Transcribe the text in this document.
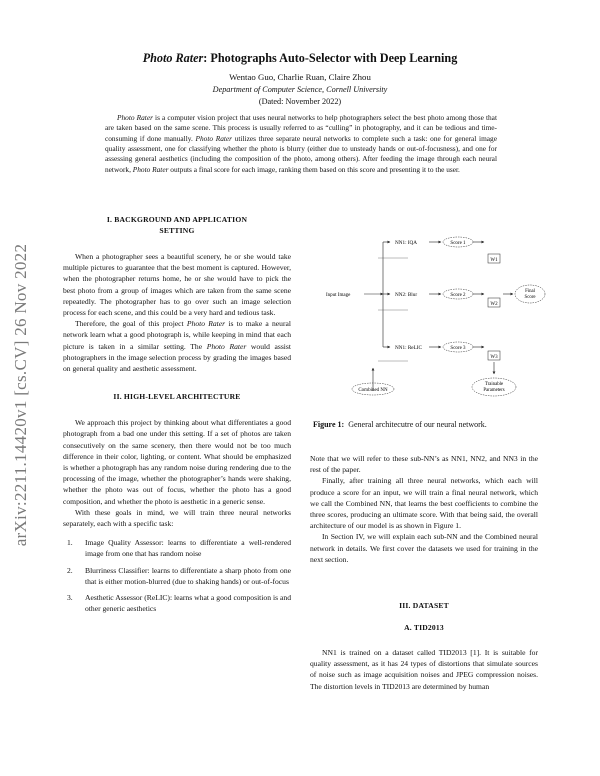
arXiv:2211.14420v1 [cs.CV] 26 Nov 2022
Photo Rater: Photographs Auto-Selector with Deep Learning
Wentao Guo, Charlie Ruan, Claire Zhou
Department of Computer Science, Cornell University
(Dated: November 2022)
Photo Rater is a computer vision project that uses neural networks to help photographers select the best photo among those that are taken based on the same scene. This process is usually referred to as “culling” in photography, and it can be tedious and time-consuming if done manually. Photo Rater utilizes three separate neural networks to complete such a task: one for general image quality assessment, one for classifying whether the photo is blurry (either due to unsteady hands or out-of-focusness), and one for assessing general aesthetics (including the composition of the photo, among others). After feeding the image through each neural network, Photo Rater outputs a final score for each image, ranking them based on this score and presenting it to the user.
I. BACKGROUND AND APPLICATION
SETTING

When a photographer sees a beautiful scenery, he or she would take multiple pictures to guarantee that the best moment is captured. However, when the photographer returns home, he or she would have to pick the best photo from a group of images which are taken from the same scene repeatedly. The photographer has to go over such an image selection process for each scene, and this could be a very hard and tedious task.

Therefore, the goal of this project Photo Rater is to make a neural network learn what a good photograph is, while keeping in mind that each picture is taken in a similar setting. The Photo Rater would assist photographers in the image selection process by grading the images based on general quality and aesthetic assessment.

II. HIGH-LEVEL ARCHITECTURE

We approach this project by thinking about what differentiates a good photograph from a bad one under this setting. If a set of photos are taken consecutively on the same scenery, then there would not be too much difference in their color, lighting, or content. What should be emphasized is whether a photograph has any random noise during rendering due to the processing of the image, whether the photographer’s hands were shaking, whether the photo was out of focus, whether the photo has a good composition, and whether the photo is aesthetic in a generic sense.

With these goals in mind, we will train three neural networks separately, each with a specific task:

1. Image Quality Assessor: learns to differentiate a well-rendered image from one that has random noise
2. Blurriness Classifier: learns to differentiate a sharp photo from one that is either motion-blurred (due to shaking hands) or out-of-focus
3. Aesthetic Assessor (ReLIC): learns what a good composition is and other generic aesthetics
Input Image
NN1: IQA	Score 1
W1
NN2: Blur	Score 2
W2
Final
Score
NN1: ReLIC	Score 3
W3
Combined NN
Trainable
Parameters
Figure 1: General architecutre of our neural network.

Note that we will refer to these sub-NN’s as NN1, NN2, and NN3 in the rest of the paper.

Finally, after training all three neural networks, which each will produce a score for an input, we will train a final neural network, which we call the Combined NN, that learns the best coefficients to combine the three scores, producing an ultimate score. With that being said, the overall architecture of our model is as shown in Figure 1.

In Section IV, we will explain each sub-NN and the Combined neural network in details. We first cover the datasets we used for training in the next section.

III. DATASET
A. TID2013

NN1 is trained on a dataset called TID2013 [1]. It is suitable for quality assessment, as it has 24 types of distortions that simulate sources of noise such as image acquisition noises and JPEG compression noises. The distortion levels in TID2013 are determined by human
